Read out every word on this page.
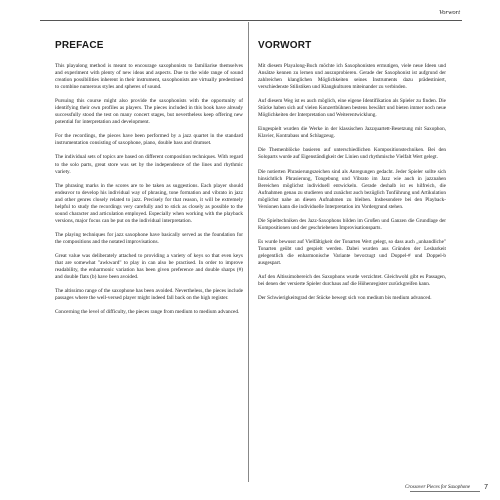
Vorwort
PREFACE

This playalong method is meant to encourage saxophonists to familiarise themselves and experiment with plenty of new ideas and aspects. Due to the wide range of sound creation possibilities inherent in their instrument, saxophonists are virtually predestined to combine numerous styles and spheres of sound.

Pursuing this course might also provide the saxophonists with the opportunity of identifying their own profiles as players. The pieces included in this book have already successfully stood the test on many concert stages, but nevertheless keep offering new potential for interpretation and development.

For the recordings, the pieces have been performed by a jazz quartet in the standard instrumentation consisting of saxophone, piano, double bass and drumset.

The individual sets of topics are based on different composition techniques. With regard to the solo parts, great store was set by the independence of the lines and rhythmic variety.

The phrasing marks in the scores are to be taken as suggestions. Each player should endeavor to develop his individual way of phrasing, tone formation and vibrato in jazz and other genres closely related to jazz. Precisely for that reason, it will be extremely helpful to study the recordings very carefully and to stick as closely as possible to the sound character and articulation employed. Especially when working with the playback versions, major focus can be put on the individual interpretation.

The playing techniques for jazz saxophone have basically served as the foundation for the compositions and the notated improvisations.

Great value was deliberately attached to providing a variety of keys so that even keys that are somewhat "awkward" to play in can also be practised. In order to improve readability, the enharmonic variation has been given preference and double sharps (#) and double flats (b) have been avoided.

The altissimo range of the saxophone has been avoided. Nevertheless, the pieces include passages where the well-versed player might indeed fall back on the high register.

Concerning the level of difficulty, the pieces range from medium to medium advanced.

VORWORT

Mit diesem Playalong-Buch möchte ich Saxophonisten ermutigen, viele neue Ideen und Ansätze kennen zu lernen und auszuprobieren. Gerade der Saxophonist ist aufgrund der zahlreichen klanglichen Möglichkeiten seines Instruments dazu prädestiniert, verschiedenste Stilistiken und Klangkulturen miteinander zu verbinden.

Auf diesem Weg ist es auch möglich, eine eigene Identifikation als Spieler zu finden. Die Stücke haben sich auf vielen Konzertbühnen bestens bewährt und bieten immer noch neue Möglichkeiten der Interpretation und Weiterentwicklung.

Eingespielt wurden die Werke in der klassischen Jazzquartett-Besetzung mit Saxophon, Klavier, Kontrabass und Schlagzeug.

Die Themenblöcke basieren auf unterschiedlichen Kompositionstechniken. Bei den Soloparts wurde auf Eigenständigkeit der Linien und rhythmische Vielfalt Wert gelegt.

Die notierten Phrasierungszeichen sind als Anregungen gedacht. Jeder Spieler sollte sich hinsichtlich Phrasierung, Tongebung und Vibrato im Jazz wie auch in jazznahen Bereichen möglichst individuell entwickeln. Gerade deshalb ist es hilfreich, die Aufnahmen genau zu studieren und zunächst auch bezüglich Tonführung und Artikulation möglichst nahe an diesen Aufnahmen zu bleiben. Insbesondere bei den Playback-Versionen kann die individuelle Interpretation im Vordergrund stehen.

Die Spieltechniken des Jazz-Saxophons bilden im Großen und Ganzen die Grundlage der Kompositionen und der geschriebenen Improvisationsparts.

Es wurde bewusst auf Vielfältigkeit der Tonarten Wert gelegt, so dass auch „unhandliche" Tonarten geübt und gespielt werden. Dabei wurden aus Gründen der Lesbarkeit gelegentlich die enharmonische Variante bevorzugt und Doppel-# und Doppel-b ausgespart.

Auf den Altissimobereich des Saxophons wurde verzichtet. Gleichwohl gibt es Passagen, bei denen der versierte Spieler durchaus auf die Höhenregister zurückgreifen kann.

Der Schwierigkeitsgrad der Stücke bewegt sich von medium bis medium advanced.

Crossover Pieces for Saxophone 7
